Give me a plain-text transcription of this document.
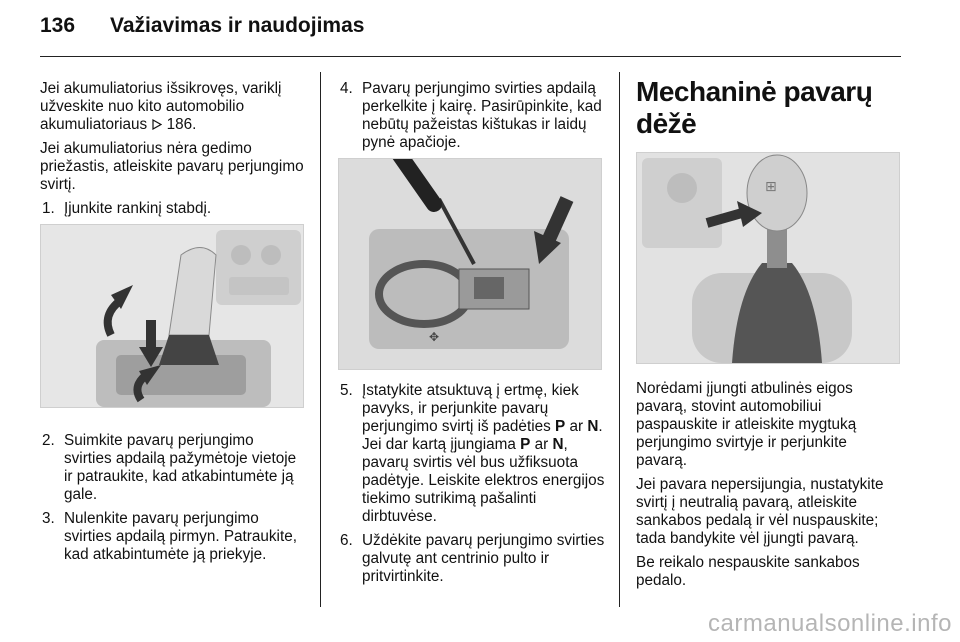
136 Važiavimas ir naudojimas

Jei akumuliatorius išsikrovęs, variklį užveskite nuo kito automobilio akumuliatoriaus 186.

Jei akumuliatorius nėra gedimo priežastis, atleiskite pavarų perjungimo svirtį.

1. Įjunkite rankinį stabdį.
2. Suimkite pavarų perjungimo svirties apdailą pažymėtoje vietoje ir patraukite, kad atkabintumėte ją gale.
3. Nulenkite pavarų perjungimo svirties apdailą pirmyn. Patraukite, kad atkabintumėte ją priekyje.
4. Pavarų perjungimo svirties apdailą perkelkite į kairę. Pasirūpinkite, kad nebūtų pažeistas kištukas ir laidų pynė apačioje.
✥
5. Įstatykite atsuktuvą į ertmę, kiek pavyks, ir perjunkite pavarų perjungimo svirtį iš padėties P ar N. Jei dar kartą įjungiama P ar N, pavarų svirtis vėl bus užfiksuota padėtyje. Leiskite elektros energijos tiekimo sutrikimą pašalinti dirbtuvėse.
6. Uždėkite pavarų perjungimo svirties galvutę ant centrinio pulto ir pritvirtinkite.
Mechaninė pavarų dėžė
⊞

Norėdami įjungti atbulinės eigos pavarą, stovint automobiliui paspauskite ir atleiskite mygtuką perjungimo svirtyje ir perjunkite pavarą.

Jei pavara nepersijungia, nustatykite svirtį į neutralią pavarą, atleiskite sankabos pedalą ir vėl nuspauskite; tada bandykite vėl įjungti pavarą.

Be reikalo nespauskite sankabos pedalo.

carmanualsonline.info
